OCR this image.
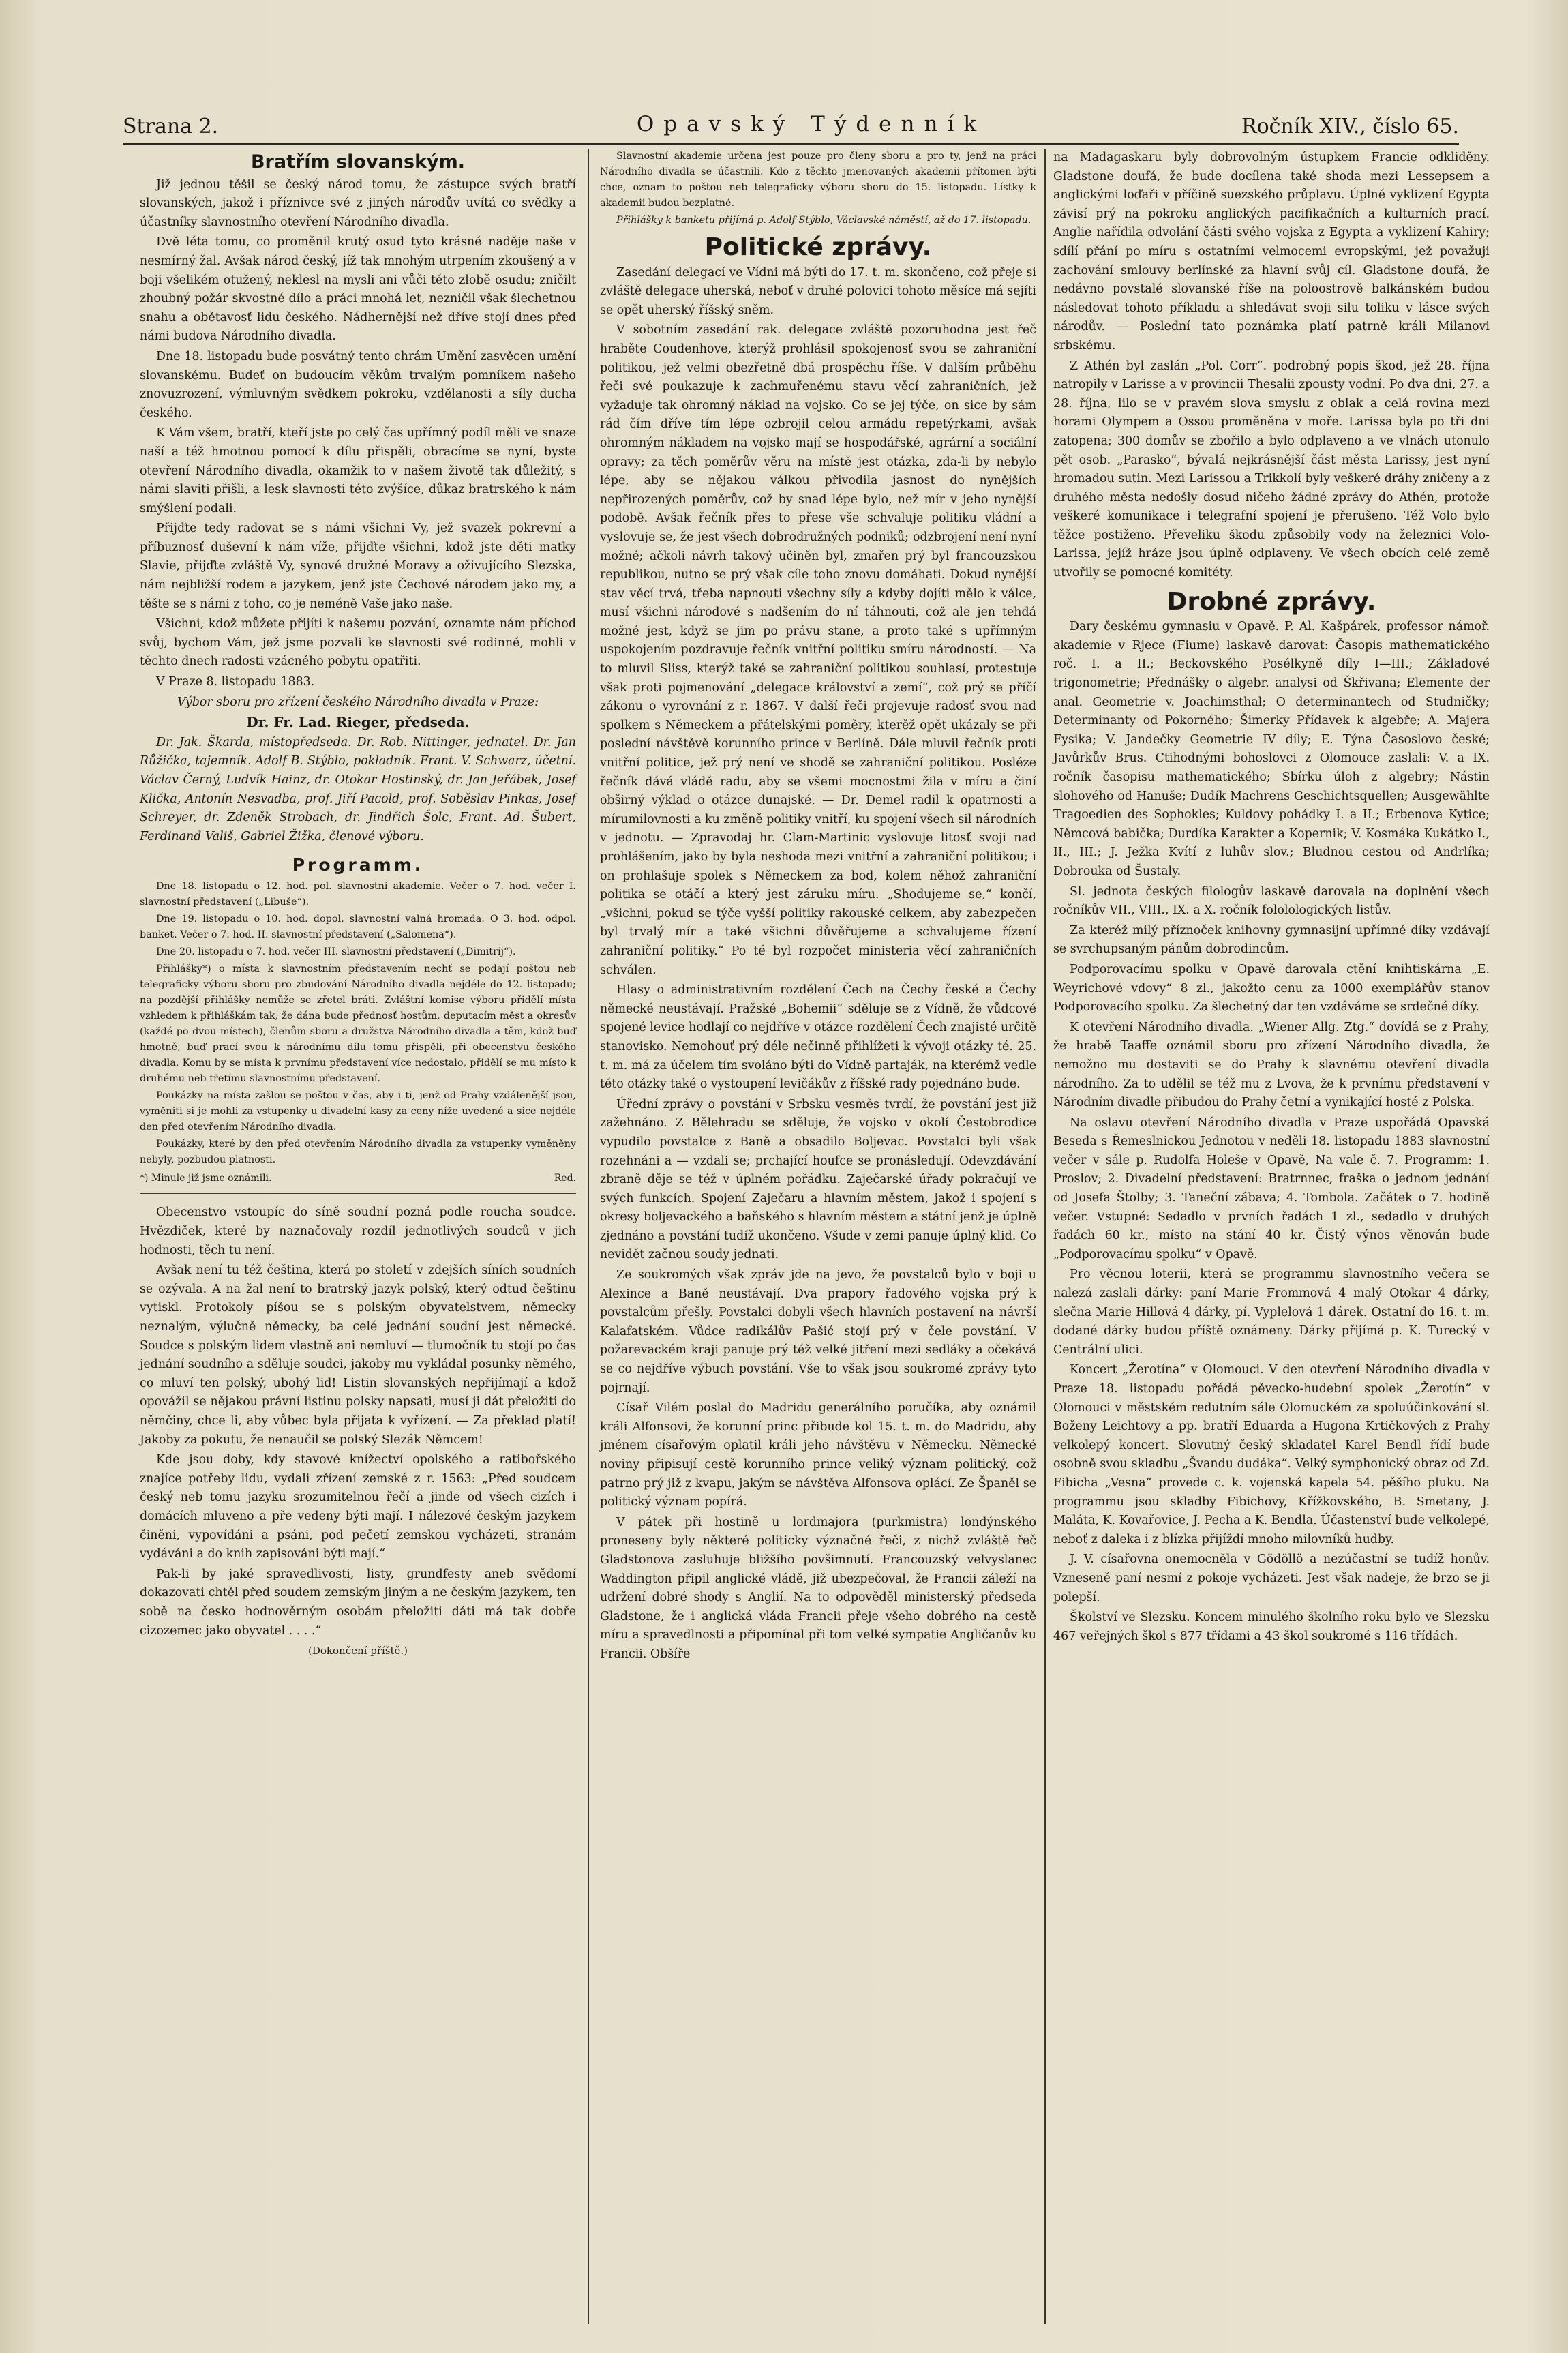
Strana 2.	Opavský Týdenník	Ročník XIV., číslo 65.
Bratřím slovanským.

Již jednou těšil se český národ tomu, že zástupce svých bratří slovanských, jakož i příznivce své z jiných národův uvítá co svědky a účastníky slavnostního otevření Národního divadla.

Dvě léta tomu, co proměnil krutý osud tyto krásné naděje naše v nesmírný žal. Avšak národ český, jíž tak mnohým utrpením zkoušený a v boji všelikém otužený, neklesl na mysli ani vůči této zlobě osudu; zničilt zhoubný požár skvostné dílo a práci mnohá let, nezničil však šlechetnou snahu a obětavosť lidu českého. Nádhernější než dříve stojí dnes před námi budova Národního divadla.

Dne 18. listopadu bude posvátný tento chrám Umění zasvěcen umění slovanskému. Budeť on budoucím věkům trvalým pomníkem našeho znovuzrození, výmluvným svědkem pokroku, vzdělanosti a síly ducha českého.

K Vám všem, bratří, kteří jste po celý čas upřímný podíl měli ve snaze naší a též hmotnou pomocí k dílu přispěli, obracíme se nyní, byste otevření Národního divadla, okamžik to v našem životě tak důležitý, s námi slaviti přišli, a lesk slavnosti této zvýšíce, důkaz bratrského k nám smýšlení podali.

Přijďte tedy radovat se s námi všichni Vy, jež svazek pokrevní a příbuznosť duševní k nám víže, přijďte všichni, kdož jste děti matky Slavie, přijďte zvláště Vy, synové družné Moravy a oživujícího Slezska, nám nejbližší rodem a jazykem, jenž jste Čechové národem jako my, a těšte se s námi z toho, co je neméně Vaše jako naše.

Všichni, kdož můžete přijíti k našemu pozvání, oznamte nám příchod svůj, bychom Vám, jež jsme pozvali ke slavnosti své rodinné, mohli v těchto dnech radosti vzácného pobytu opatřiti.

V Praze 8. listopadu 1883.

Výbor sboru pro zřízení českého Národního divadla v Praze:

Dr. Fr. Lad. Rieger, předseda.

Dr. Jak. Škarda, místopředseda. Dr. Rob. Nittinger, jednatel. Dr. Jan Růžička, tajemník. Adolf B. Stýblo, pokladník. Frant. V. Schwarz, účetní. Václav Černý, Ludvík Hainz, dr. Otokar Hostinský, dr. Jan Jeřábek, Josef Klička, Antonín Nesvadba, prof. Jiří Pacold, prof. Soběslav Pinkas, Josef Schreyer, dr. Zdeněk Strobach, dr. Jindřich Šolc, Frant. Ad. Šubert, Ferdinand Vališ, Gabriel Žižka, členové výboru.

Programm.

Dne 18. listopadu o 12. hod. pol. slavnostní akademie. Večer o 7. hod. večer I. slavnostní představení („Libuše“).

Dne 19. listopadu o 10. hod. dopol. slavnostní valná hromada. O 3. hod. odpol. banket. Večer o 7. hod. II. slavnostní představení („Salomena“).

Dne 20. listopadu o 7. hod. večer III. slavnostní představení („Dimitrij“).

Přihlášky*) o místa k slavnostním představením nechť se podají poštou neb telegraficky výboru sboru pro zbudování Národního divadla nejdéle do 12. listopadu; na pozdější přihlášky nemůže se zřetel bráti. Zvláštní komise výboru přidělí místa vzhledem k přihláškám tak, že dána bude přednosť hostům, deputacím měst a okresův (každé po dvou místech), členům sboru a družstva Národního divadla a těm, kdož buď hmotně, buď prací svou k národnímu dílu tomu přispěli, při obecenstvu českého divadla. Komu by se místa k prvnímu představení více nedostalo, přidělí se mu místo k druhému neb třetímu slavnostnímu představení.

Poukázky na místa zašlou se poštou v čas, aby i ti, jenž od Prahy vzdálenější jsou, vyměniti si je mohli za vstupenky u divadelní kasy za ceny níže uvedené a sice nejdéle den před otevřením Národního divadla.

Poukázky, které by den před otevřením Národního divadla za vstupenky vyměněny nebyly, pozbudou platnosti.

*) Minule již jsme oznámili.	Red.

Obecenstvo vstoupíc do síně soudní pozná podle roucha soudce. Hvězdiček, které by naznačovaly rozdíl jednotlivých soudců v jich hodnosti, těch tu není.

Avšak není tu též čeština, která po století v zdejších síních soudních se ozývala. A na žal není to bratrský jazyk polský, který odtud češtinu vytiskl. Protokoly píšou se s polským obyvatelstvem, německy neznalým, výlučně německy, ba celé jednání soudní jest německé. Soudce s polským lidem vlastně ani nemluví — tlumočník tu stojí po čas jednání soudního a sděluje soudci, jakoby mu vykládal posunky němého, co mluví ten polský, ubohý lid! Listin slovanských nepřijímají a kdož opovážil se nějakou právní listinu polsky napsati, musí ji dát přeložiti do němčiny, chce li, aby vůbec byla přijata k vyřízení. — Za překlad platí! Jakoby za pokutu, že nenaučil se polský Slezák Němcem!

Kde jsou doby, kdy stavové knížectví opolského a ratibořského znajíce potřeby lidu, vydali zřízení zemské z r. 1563: „Před soudcem český neb tomu jazyku srozumitelnou řečí a jinde od všech cizích i domácích mluveno a pře vedeny býti mají. I nálezové českým jazykem činěni, vypovídáni a psáni, pod pečetí zemskou vycházeti, stranám vydáváni a do knih zapisováni býti mají.“

Pak-li by jaké spravedlivosti, listy, grundfesty aneb svědomí dokazovati chtěl před soudem zemským jiným a ne českým jazykem, ten sobě na česko hodnověrným osobám přeložiti dáti má tak dobře cizozemec jako obyvatel . . . .“

(Dokončení příště.)

Slavnostní akademie určena jest pouze pro členy sboru a pro ty, jenž na práci Národního divadla se účastnili. Kdo z těchto jmenovaných akademii přítomen býti chce, oznam to poštou neb telegraficky výboru sboru do 15. listopadu. Lístky k akademii budou bezplatné.

Přihlášky k banketu přijímá p. Adolf Stýblo, Václavské náměstí, až do 17. listopadu.

Politické zprávy.

Zasedání delegací ve Vídni má býti do 17. t. m. skončeno, což přeje si zvláště delegace uherská, neboť v druhé polovici tohoto měsíce má sejíti se opět uherský říšský sněm.

V sobotním zasedání rak. delegace zvláště pozoruhodna jest řeč hraběte Coudenhove, kterýž prohlásil spokojenosť svou se zahraniční politikou, jež velmi obezřetně dbá prospěchu říše. V dalším průběhu řeči své poukazuje k zachmuřenému stavu věcí zahraničních, jež vyžaduje tak ohromný náklad na vojsko. Co se jej týče, on sice by sám rád čím dříve tím lépe ozbrojil celou armádu repetýrkami, avšak ohromným nákladem na vojsko mají se hospodářské, agrární a sociální opravy; za těch poměrův věru na místě jest otázka, zda-li by nebylo lépe, aby se nějakou válkou přivodila jasnost do nynějších nepřirozených poměrův, což by snad lépe bylo, než mír v jeho nynější podobě. Avšak řečník přes to přese vše schvaluje politiku vládní a vyslovuje se, že jest všech dobrodružných podniků; odzbrojení není nyní možné; ačkoli návrh takový učiněn byl, zmařen prý byl francouzskou republikou, nutno se prý však cíle toho znovu domáhati. Dokud nynější stav věcí trvá, třeba napnouti všechny síly a kdyby dojíti mělo k válce, musí všichni národové s nadšením do ní táhnouti, což ale jen tehdá možné jest, když se jim po právu stane, a proto také s upřímným uspokojením pozdravuje řečník vnitřní politiku smíru národností. — Na to mluvil Sliss, kterýž také se zahraniční politikou souhlasí, protestuje však proti pojmenování „delegace království a zemí“, což prý se příčí zákonu o vyrovnání z r. 1867. V další řeči projevuje radosť svou nad spolkem s Německem a přátelskými poměry, kterěž opět ukázaly se při poslední návštěvě korunního prince v Berlíně. Dále mluvil řečník proti vnitřní politice, jež prý není ve shodě se zahraniční politikou. Posléze řečník dává vládě radu, aby se všemi mocnostmi žila v míru a činí obširný výklad o otázce dunajské. — Dr. Demel radil k opatrnosti a mírumilovnosti a ku změně politiky vnitří, ku spojení všech sil národních v jednotu. — Zpravodaj hr. Clam-Martinic vyslovuje litosť svoji nad prohlášením, jako by byla neshoda mezi vnitřní a zahraniční politikou; i on prohlašuje spolek s Německem za bod, kolem něhož zahraniční politika se otáčí a který jest záruku míru. „Shodujeme se,“ končí, „všichni, pokud se týče vyšší politiky rakouské celkem, aby zabezpečen byl trvalý mír a také všichni důvěřujeme a schvalujeme řízení zahraniční politiky.“ Po té byl rozpočet ministeria věcí zahraničních schválen.

Hlasy o administrativním rozdělení Čech na Čechy české a Čechy německé neustávají. Pražské „Bohemii“ sděluje se z Vídně, že vůdcové spojené levice hodlají co nejdříve v otázce rozdělení Čech znajisté určitě stanovisko. Nemohouť prý déle nečinně přihlížeti k vývoji otázky té. 25. t. m. má za účelem tím svoláno býti do Vídně partaják, na kterémž vedle této otázky také o vystoupení levičákův z říšské rady pojednáno bude.

Úřední zprávy o povstání v Srbsku vesměs tvrdí, že povstání jest již zažehnáno. Z Bělehradu se sděluje, že vojsko v okolí Čestobrodice vypudilo povstalce z Baně a obsadilo Boljevac. Povstalci byli však rozehnáni a — vzdali se; prchající houfce se pronásledují. Odevzdávání zbraně děje se též v úplném pořádku. Zaječarské úřady pokračují ve svých funkcích. Spojení Zaječaru a hlavním městem, jakož i spojení s okresy boljevackého a baňského s hlavním městem a státní jenž je úplně zjednáno a povstání tudíž ukončeno. Všude v zemi panuje úplný klid. Co nevidět začnou soudy jednati.

Ze soukromých však zpráv jde na jevo, že povstalců bylo v boji u Alexince a Baně neustávají. Dva prapory řadového vojska prý k povstalcům přešly. Povstalci dobyli všech hlavních postavení na návrší Kalafatském. Vůdce radikálův Pašić stojí prý v čele povstání. V požarevackém kraji panuje prý též velké jitření mezi sedláky a očekává se co nejdříve výbuch povstání. Vše to však jsou soukromé zprávy tyto pojrnají.

Císař Vilém poslal do Madridu generálního poručíka, aby oznámil králi Alfonsovi, že korunní princ přibude kol 15. t. m. do Madridu, aby jménem císařovým oplatil králi jeho návštěvu v Německu. Německé noviny připisují cestě korunního prince veliký význam politický, což patrno prý již z kvapu, jakým se návštěva Alfonsova oplácí. Ze Španěl se politický význam popírá.

V pátek při hostině u lordmajora (purkmistra) londýnského proneseny byly některé politicky význačné řeči, z nichž zvláště řeč Gladstonova zasluhuje bližšího povšimnutí. Francouzský velvyslanec Waddington připil anglické vládě, již ubezpečoval, že Francii záleží na udržení dobré shody s Anglií. Na to odpověděl ministerský předseda Gladstone, že i anglická vláda Francii přeje všeho dobrého na cestě míru a spravedlnosti a připomínal při tom velké sympatie Angličanův ku Francii. Obšíře

na Madagaskaru byly dobrovolným ústupkem Francie odkliděny. Gladstone doufá, že bude docílena také shoda mezi Lessepsem a anglickými loďaři v příčině suezského průplavu. Úplné vyklizení Egypta závisí prý na pokroku anglických pacifikačních a kulturních prací. Anglie nařídila odvolání části svého vojska z Egypta a vyklizení Kahiry; sdílí přání po míru s ostatními velmocemi evropskými, jež považuji zachování smlouvy berlínské za hlavní svůj cíl. Gladstone doufá, že nedávno povstalé slovanské říše na poloostrově balkánském budou následovat tohoto příkladu a shledávat svoji silu toliku v lásce svých národův. — Poslední tato poznámka platí patrně králi Milanovi srbskému.

Z Athén byl zaslán „Pol. Corr“. podrobný popis škod, jež 28. října natropily v Larisse a v provincii Thesalii zpousty vodní. Po dva dni, 27. a 28. října, lilo se v pravém slova smyslu z oblak a celá rovina mezi horami Olympem a Ossou proměněna v moře. Larissa byla po tři dni zatopena; 300 domův se zbořilo a bylo odplaveno a ve vlnách utonulo pět osob. „Parasko“, bývalá nejkrásnější část města Larissy, jest nyní hromadou sutin. Mezi Larissou a Trikkolí byly veškeré dráhy zničeny a z druhého města nedošly dosud ničeho žádné zprávy do Athén, protože veškeré komunikace i telegrafní spojení je přerušeno. Též Volo bylo těžce postiženo. Převeliku škodu způsobily vody na železnici Volo-Larissa, jejíž hráze jsou úplně odplaveny. Ve všech obcích celé země utvořily se pomocné komitéty.

Drobné zprávy.

Dary českému gymnasiu v Opavě. P. Al. Kašpárek, professor námoř. akademie v Rjece (Fiume) laskavě darovat: Časopis mathematického roč. I. a II.; Beckovského Posélkyně díly I—III.; Základové trigonometrie; Přednášky o algebr. analysi od Škřivana; Elemente der anal. Geometrie v. Joachimsthal; O determinantech od Studničky; Determinanty od Pokorného; Šimerky Přídavek k algebře; A. Majera Fysika; V. Jandečky Geometrie IV díly; E. Týna Časoslovo české; Javůrkův Brus. Ctihodnými bohoslovci z Olomouce zaslali: V. a IX. ročník časopisu mathematického; Sbírku úloh z algebry; Nástin slohového od Hanuše; Dudík Machrens Geschichtsquellen; Ausgewählte Tragoedien des Sophokles; Kuldovy pohádky I. a II.; Erbenova Kytice; Němcová babička; Durdíka Karakter a Kopernik; V. Kosmáka Kukátko I., II., III.; J. Ježka Kvítí z luhův slov.; Bludnou cestou od Andrlíka; Dobrouka od Šustaly.

Sl. jednota českých filologův laskavě darovala na doplnění všech ročníkův VII., VIII., IX. a X. ročník fololologických listův.

Za kteréž milý příznoček knihovny gymnasijní upřímné díky vzdávají se svrchupsaným pánům dobrodincům.

Podporovacímu spolku v Opavě darovala ctění knihtiskárna „E. Weyrichové vdovy“ 8 zl., jakožto cenu za 1000 exemplářův stanov Podporovacího spolku. Za šlechetný dar ten vzdáváme se srdečné díky.

K otevření Národního divadla. „Wiener Allg. Ztg.“ dovídá se z Prahy, že hrabě Taaffe oznámil sboru pro zřízení Národního divadla, že nemožno mu dostaviti se do Prahy k slavnému otevření divadla národního. Za to udělil se též mu z Lvova, že k prvnímu představení v Národním divadle přibudou do Prahy četní a vynikající hosté z Polska.

Na oslavu otevření Národního divadla v Praze uspořádá Opavská Beseda s Řemeslnickou Jednotou v neděli 18. listopadu 1883 slavnostní večer v sále p. Rudolfa Holeše v Opavě, Na vale č. 7. Programm: 1. Proslov; 2. Divadelní představení: Bratrnnec, fraška o jednom jednání od Josefa Štolby; 3. Taneční zábava; 4. Tombola. Začátek o 7. hodině večer. Vstupné: Sedadlo v prvních řadách 1 zl., sedadlo v druhých řadách 60 kr., místo na stání 40 kr. Čistý výnos věnován bude „Podporovacímu spolku“ v Opavě.

Pro věcnou loterii, která se programmu slavnostního večera se nalezá zaslali dárky: paní Marie Frommová 4 malý Otokar 4 dárky, slečna Marie Hillová 4 dárky, pí. Vyplelová 1 dárek. Ostatní do 16. t. m. dodané dárky budou příště oznámeny. Dárky přijímá p. K. Turecký v Centrální ulici.

Koncert „Žerotína“ v Olomouci. V den otevření Národního divadla v Praze 18. listopadu pořádá pěvecko-hudební spolek „Žerotín“ v Olomouci v městském redutním sále Olomuckém za spoluúčinkování sl. Boženy Leichtovy a pp. bratří Eduarda a Hugona Krtičkových z Prahy velkolepý koncert. Slovutný český skladatel Karel Bendl řídí bude osobně svou skladbu „Švandu dudáka“. Velký symphonický obraz od Zd. Fibicha „Vesna“ provede c. k. vojenská kapela 54. pěšího pluku. Na programmu jsou skladby Fibichovy, Křížkovského, B. Smetany, J. Maláta, K. Kovařovice, J. Pecha a K. Bendla. Účastenství bude velkolepé, neboť z daleka i z blízka přijíždí mnoho milovníků hudby.

J. V. císařovna onemocněla v Gödöllö a nezúčastní se tudíž honův. Vzneseně paní nesmí z pokoje vycházeti. Jest však nadeje, že brzo se ji polepší.

Školství ve Slezsku. Koncem minulého školního roku bylo ve Slezsku 467 veřejných škol s 877 třídami a 43 škol soukromé s 116 třídách.
